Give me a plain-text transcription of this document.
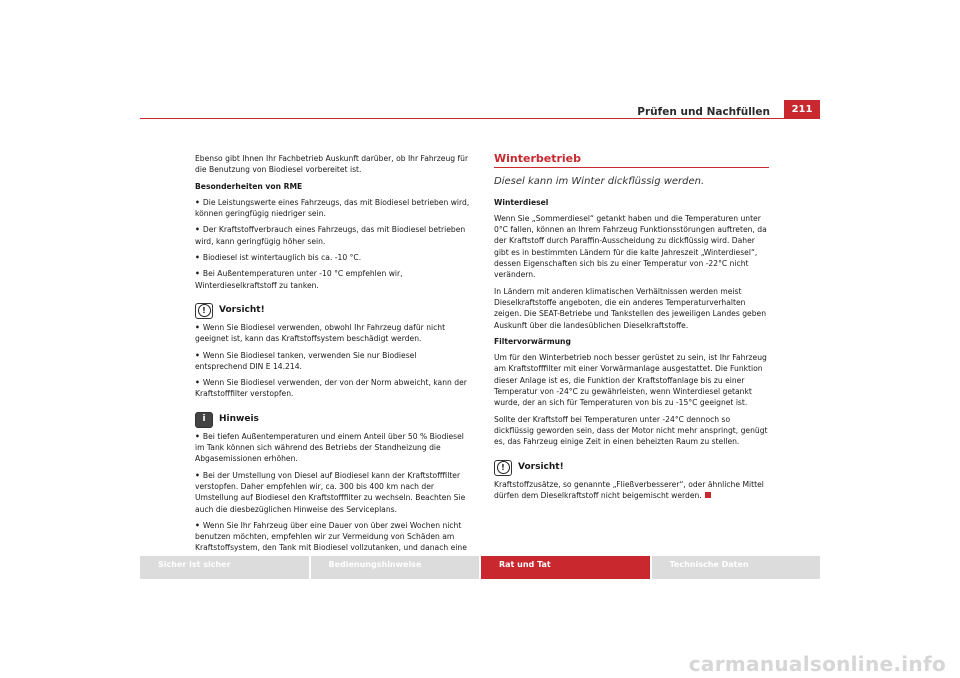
Prüfen und Nachfüllen	211

Ebenso gibt Ihnen Ihr Fachbetrieb Auskunft darüber, ob Ihr Fahrzeug für die Benutzung von Biodiesel vorbereitet ist.

Besonderheiten von RME

• Die Leistungswerte eines Fahrzeugs, das mit Biodiesel betrieben wird, können geringfügig niedriger sein.

• Der Kraftstoffverbrauch eines Fahrzeugs, das mit Biodiesel betrieben wird, kann geringfügig höher sein.

• Biodiesel ist wintertauglich bis ca. -10 °C.

• Bei Außentemperaturen unter -10 °C empfehlen wir, Winterdieselkraftstoff zu tanken.

!	Vorsicht!

• Wenn Sie Biodiesel verwenden, obwohl Ihr Fahrzeug dafür nicht geeignet ist, kann das Kraftstoffsystem beschädigt werden.

• Wenn Sie Biodiesel tanken, verwenden Sie nur Biodiesel entsprechend DIN E 14.214.

• Wenn Sie Biodiesel verwenden, der von der Norm abweicht, kann der Kraftstofffilter verstopfen.

i	Hinweis

• Bei tiefen Außentemperaturen und einem Anteil über 50 % Biodiesel im Tank können sich während des Betriebs der Standheizung die Abgasemissionen erhöhen.

• Bei der Umstellung von Diesel auf Biodiesel kann der Kraftstofffilter verstopfen. Daher empfehlen wir, ca. 300 bis 400 km nach der Umstellung auf Biodiesel den Kraftstofffilter zu wechseln. Beachten Sie auch die diesbezüglichen Hinweise des Serviceplans.

• Wenn Sie Ihr Fahrzeug über eine Dauer von über zwei Wochen nicht benutzen möchten, empfehlen wir zur Vermeidung von Schäden am Kraftstoffsystem, den Tank mit Biodiesel vollzutanken, und danach eine

Winterbetrieb
Diesel kann im Winter dickflüssig werden.

Winterdiesel

Wenn Sie „Sommerdiesel“ getankt haben und die Temperaturen unter 0°C fallen, können an Ihrem Fahrzeug Funktionsstörungen auftreten, da der Kraftstoff durch Paraffin-Ausscheidung zu dickflüssig wird. Daher gibt es in bestimmten Ländern für die kalte Jahreszeit „Winterdiesel“, dessen Eigenschaften sich bis zu einer Temperatur von -22°C nicht verändern.

In Ländern mit anderen klimatischen Verhältnissen werden meist Dieselkraftstoffe angeboten, die ein anderes Temperaturverhalten zeigen. Die SEAT-Betriebe und Tankstellen des jeweiligen Landes geben Auskunft über die landesüblichen Dieselkraftstoffe.

Filtervorwärmung

Um für den Winterbetrieb noch besser gerüstet zu sein, ist Ihr Fahrzeug am Kraftstofffilter mit einer Vorwärmanlage ausgestattet. Die Funktion dieser Anlage ist es, die Funktion der Kraftstoffanlage bis zu einer Temperatur von -24°C zu gewährleisten, wenn Winterdiesel getankt wurde, der an sich für Temperaturen von bis zu -15°C geeignet ist.

Sollte der Kraftstoff bei Temperaturen unter -24°C dennoch so dickflüssig geworden sein, dass der Motor nicht mehr anspringt, genügt es, das Fahrzeug einige Zeit in einen beheizten Raum zu stellen.

!	Vorsicht!

Kraftstoffzusätze, so genannte „Fließverbesserer“, oder ähnliche Mittel dürfen dem Dieselkraftstoff nicht beigemischt werden.

Sicher ist sicher	Bedienungshinweise	Rat und Tat	Technische Daten
carmanualsonline.info
